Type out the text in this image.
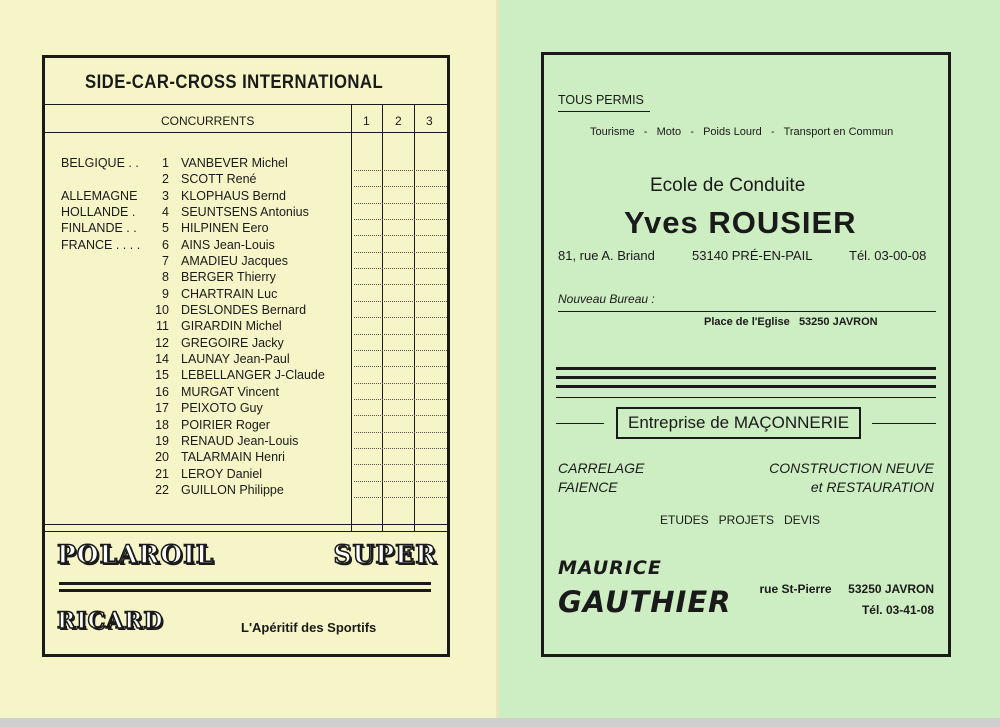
SIDE-CAR-CROSS INTERNATIONAL
CONCURRENTS	1 2 3
BELGIQUE . .	1 VANBEVER Michel
2 SCOTT René
ALLEMAGNE	3 KLOPHAUS Bernd
HOLLANDE .	4 SEUNTSENS Antonius
FINLANDE . .	5 HILPINEN Eero
FRANCE . . . .	6 AINS Jean-Louis
7 AMADIEU Jacques
8 BERGER Thierry
9 CHARTRAIN Luc
10 DESLONDES Bernard
11 GIRARDIN Michel
12 GREGOIRE Jacky
14 LAUNAY Jean-Paul
15 LEBELLANGER J-Claude
16 MURGAT Vincent
17 PEIXOTO Guy
18 POIRIER Roger
19 RENAUD Jean-Louis
20 TALARMAIN Henri
21 LEROY Daniel
22 GUILLON Philippe
POLAROIL	SUPER
RICARD	L'Apéritif des Sportifs
TOUS PERMIS
Tourisme   -   Moto   -   Poids Lourd   -   Transport en Commun
Ecole de Conduite
Yves ROUSIER
81, rue A. Briand	53140 PRÉ-EN-PAIL	Tél. 03-00-08
Nouveau Bureau :
Place de l'Eglise   53250 JAVRON
Entreprise de MAÇONNERIE
CARRELAGE
FAIENCE
CONSTRUCTION NEUVE
et RESTAURATION
ETUDES   PROJETS   DEVIS
MAURICE
GAUTHIER rue St-Pierre     53250 JAVRON
Tél. 03-41-08
